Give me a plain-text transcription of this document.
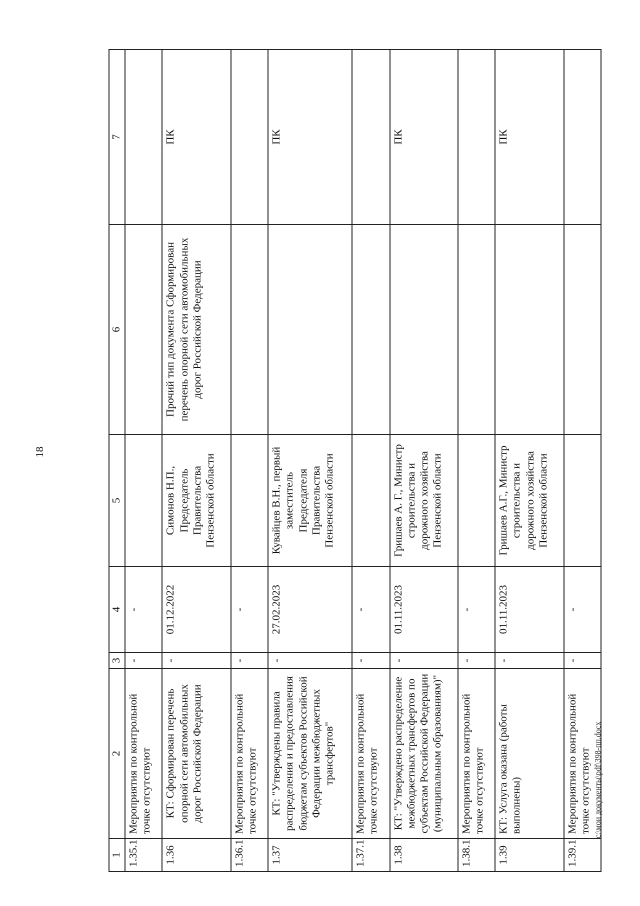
18
1	2	3	4	5	6	7
1.35.1	Мероприятия по контрольной точке отсутствуют	-	-			
1.36	КТ: Сформирован перечень опорной сети автомобильных дорог Российской Федерации	-	01.12.2022	Симонов Н.П., Председатель Правительства Пензенской области	Прочий тип документа Сформирован перечень опорной сети автомобильных дорог Российской Федерации	ПК
1.36.1	Мероприятия по контрольной точке отсутствуют	-	-			
1.37	КТ: "Утверждены правила распределения и предоставления бюджетам субъектов Российской Федерации межбюджетных трансфертов"	-	27.02.2023	Кувайцев В.Н., первый заместитель Председателя Правительства Пензенской области		ПК
1.37.1	Мероприятия по контрольной точке отсутствуют	-	-			
1.38	КТ: "Утверждено распределение межбюджетных трансфертов по субъектам Российской Федерации (муниципальным образованиям)"	-	01.11.2023	Гришаев А. Г., Министр строительства и дорожного хозяйства Пензенской области		ПК
1.38.1	Мероприятия по контрольной точке отсутствуют	-	-			
1.39	КТ: Услуга оказана (работы выполнены)	-	01.11.2023	Гришаев А.Г., Министр строительства и дорожного хозяйства Пензенской области		ПК
1.39.1	Мероприятия по контрольной точке отсутствуют	-	-			
c:\мои документы\pdf\398-пп.docx
